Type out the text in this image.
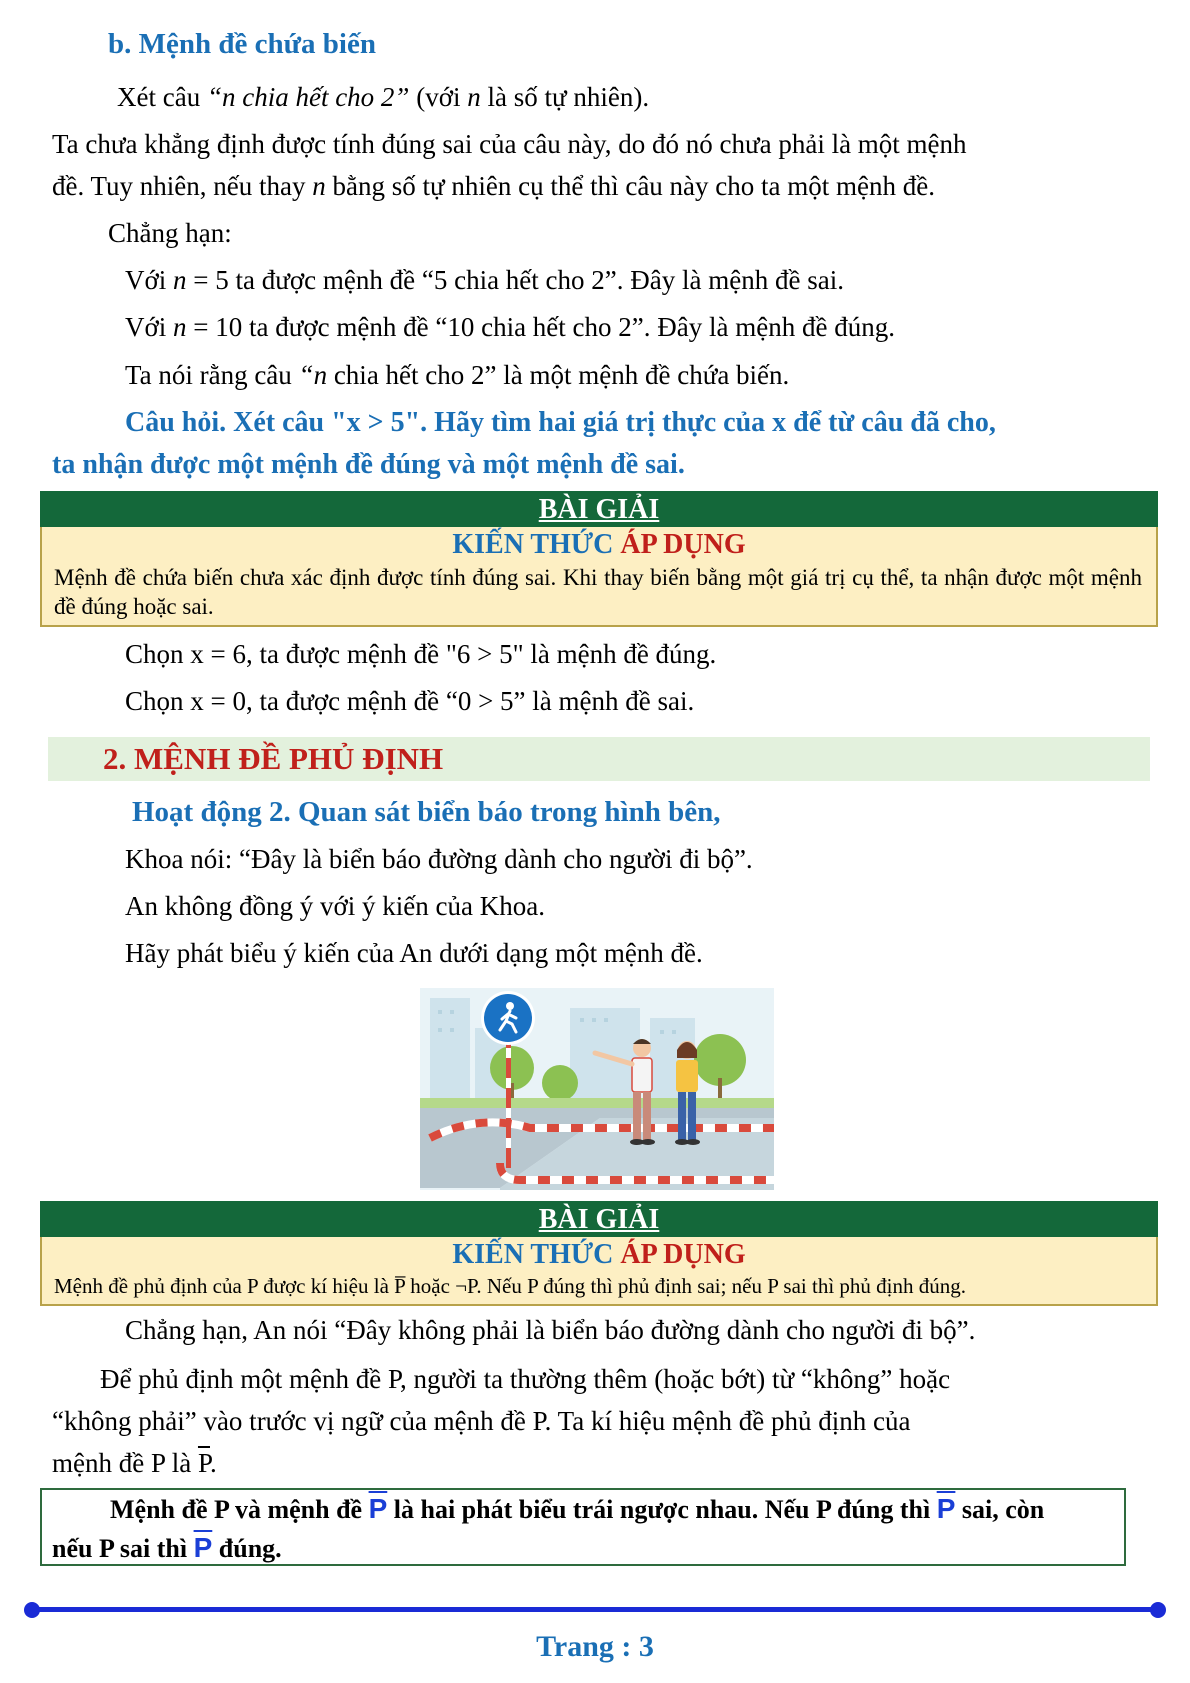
b. Mệnh đề chứa biến
Xét câu “n chia hết cho 2” (với n là số tự nhiên).
Ta chưa khẳng định được tính đúng sai của câu này, do đó nó chưa phải là một mệnh
đề. Tuy nhiên, nếu thay n bằng số tự nhiên cụ thể thì câu này cho ta một mệnh đề.
Chẳng hạn:
Với n = 5 ta được mệnh đề “5 chia hết cho 2”. Đây là mệnh đề sai.
Với n = 10 ta được mệnh đề “10 chia hết cho 2”. Đây là mệnh đề đúng.
Ta nói rằng câu “n chia hết cho 2” là một mệnh đề chứa biến.
Câu hỏi. Xét câu "x > 5". Hãy tìm hai giá trị thực của x để từ câu đã cho,
ta nhận được một mệnh đề đúng và một mệnh đề sai.
BÀI GIẢI
KIẾN THỨC ÁP DỤNG
Mệnh đề chứa biến chưa xác định được tính đúng sai. Khi thay biến bằng một giá trị cụ thể, ta nhận được một mệnh đề đúng hoặc sai.
Chọn x = 6, ta được mệnh đề "6 > 5" là mệnh đề đúng.
Chọn x = 0, ta được mệnh đề “0 > 5” là mệnh đề sai.
2. MỆNH ĐỀ PHỦ ĐỊNH
Hoạt động 2. Quan sát biển báo trong hình bên,
Khoa nói: “Đây là biển báo đường dành cho người đi bộ”.
An không đồng ý với ý kiến của Khoa.
Hãy phát biểu ý kiến của An dưới dạng một mệnh đề.
BÀI GIẢI
KIẾN THỨC ÁP DỤNG
Mệnh đề phủ định của P được kí hiệu là P̅ hoặc ¬P. Nếu P đúng thì phủ định sai; nếu P sai thì phủ định đúng.
Chẳng hạn, An nói “Đây không phải là biển báo đường dành cho người đi bộ”.
Để phủ định một mệnh đề P, người ta thường thêm (hoặc bớt) từ “không” hoặc
“không phải” vào trước vị ngữ của mệnh đề P. Ta kí hiệu mệnh đề phủ định của
mệnh đề P là $\overline{P}$.
Mệnh đề P và mệnh đề $\overline{P}$ là hai phát biểu trái ngược nhau. Nếu P đúng thì $\overline{P}$ sai, còn
nếu P sai thì $\overline{P}$ đúng.
Trang : 3
